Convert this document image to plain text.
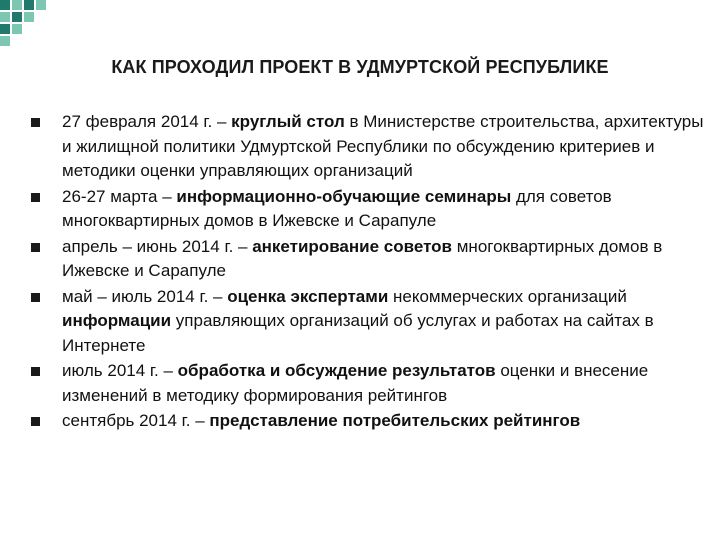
КАК ПРОХОДИЛ ПРОЕКТ В УДМУРТСКОЙ РЕСПУБЛИКЕ
27 февраля 2014 г. – круглый стол в Министерстве строительства, архитектуры и жилищной политики Удмуртской Республики по обсуждению критериев и методики оценки управляющих организаций
26-27 марта – информационно-обучающие семинары для советов многоквартирных домов в Ижевске и Сарапуле
апрель – июнь 2014 г. – анкетирование советов многоквартирных домов в Ижевске и Сарапуле
май – июль 2014 г. – оценка экспертами некоммерческих организаций информации управляющих организаций об услугах и работах на сайтах в Интернете
июль 2014 г. – обработка и обсуждение результатов оценки и внесение изменений в методику формирования рейтингов
сентябрь 2014 г. – представление потребительских рейтингов
